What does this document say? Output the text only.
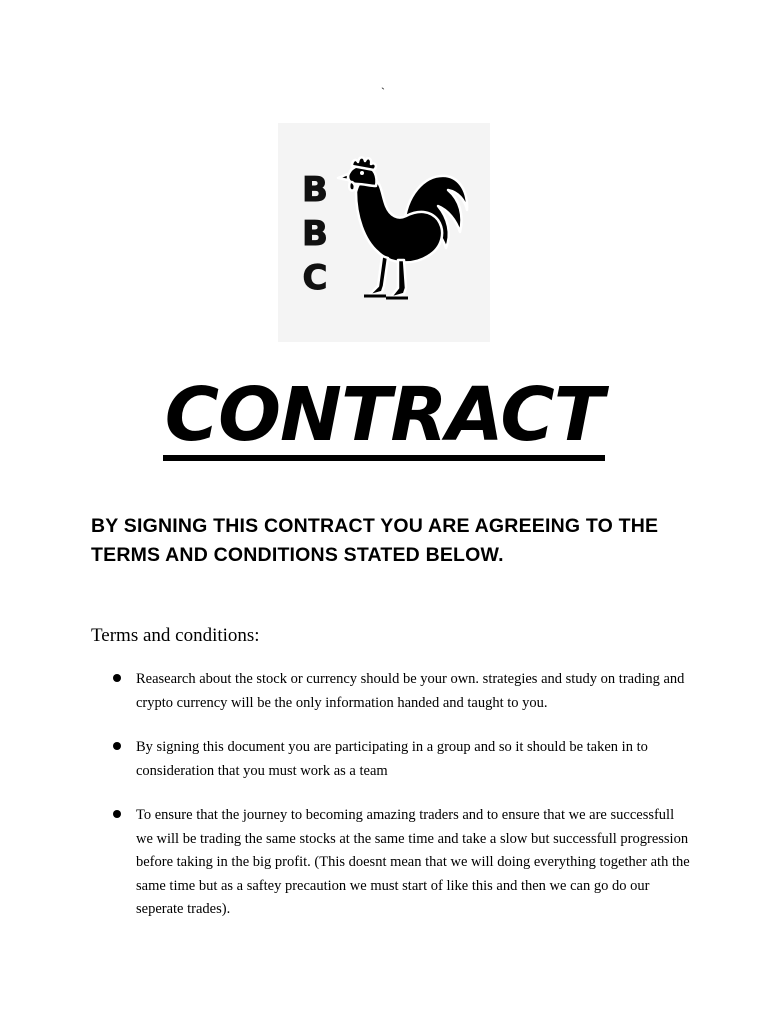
`
B
B
C
CONTRACT
BY SIGNING THIS CONTRACT YOU ARE AGREEING TO THE TERMS AND CONDITIONS STATED BELOW.
Terms and conditions:
Reasearch about the stock or currency should be your own. strategies and study on trading and crypto currency will be the only information handed and taught to you.
By signing this document you are participating in a group and so it should be taken in to consideration that you must work as a team
To ensure that the journey to becoming amazing traders and to ensure that we are successfull we will be trading the same stocks at the same time and take a slow but successfull progression before taking in the big profit. (This doesnt mean that we will doing everything together ath the same time but as a saftey precaution we must start of like this and then we can go do our seperate trades).
